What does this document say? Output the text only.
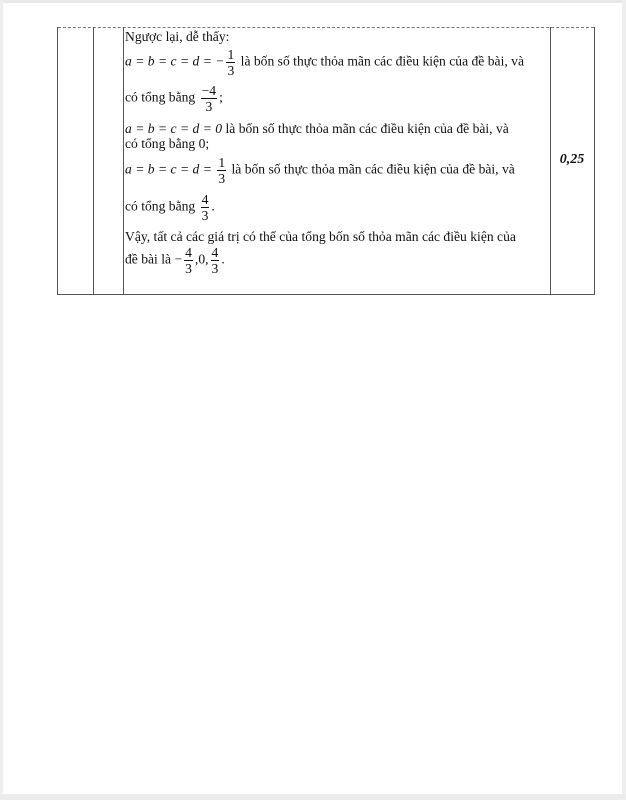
Ngược lại, dễ thấy:
a = b = c = d = − $\frac{1}{3}$ là bốn số thực thỏa mãn các điều kiện của đề bài, và
có tổng bằng $\frac{-4}{3}$ ;
a = b = c = d = 0 là bốn số thực thỏa mãn các điều kiện của đề bài, và
có tổng bằng 0;
$a = b = c = d = \frac{1}{3}$ là bốn số thực thỏa mãn các điều kiện của đề bài, và
có tổng bằng $\frac{4}{3}$ .
Vậy, tất cả các giá trị có thể của tổng bốn số thỏa mãn các điều kiện của
đề bài là − $\frac{4}{3} ,0$, $\frac{4}{3}$ .
0,25
